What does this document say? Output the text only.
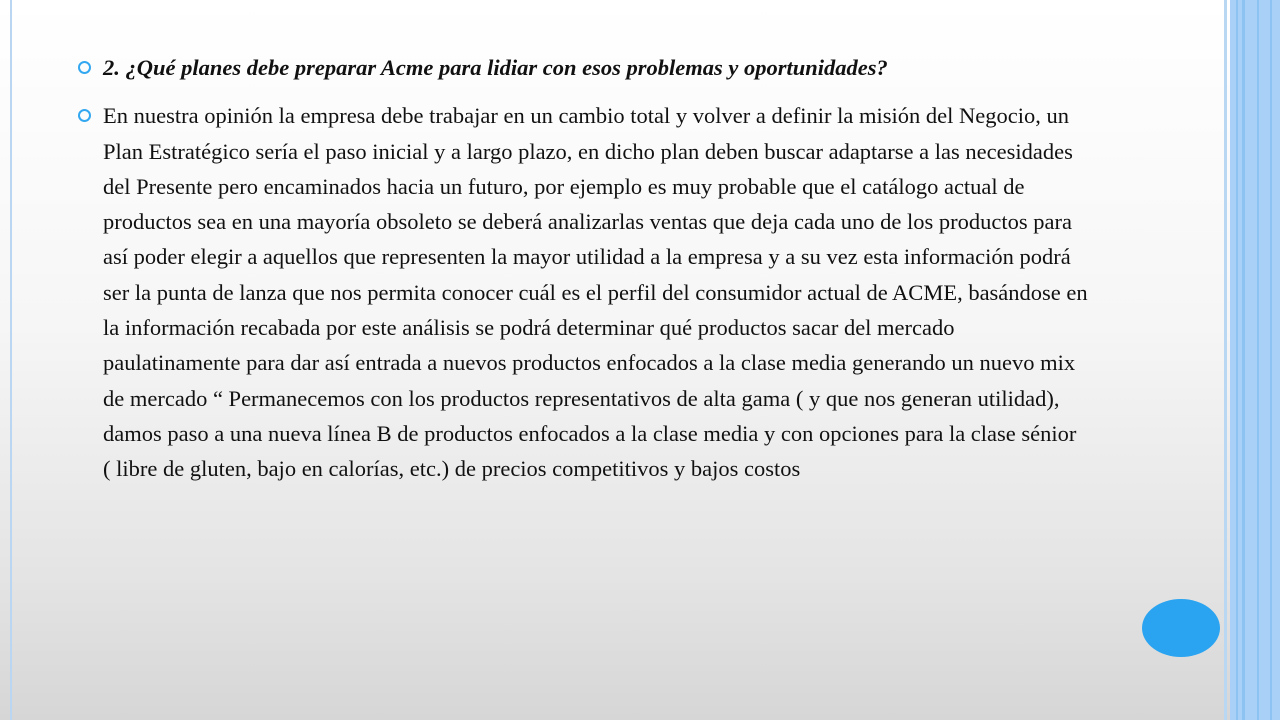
2. ¿Qué planes debe preparar Acme para lidiar con esos problemas y oportunidades?
En nuestra opinión la empresa debe trabajar en un cambio total y volver a definir la misión del Negocio, un Plan Estratégico sería el paso inicial y a largo plazo, en dicho plan deben buscar adaptarse a las necesidades del Presente pero encaminados hacia un futuro, por ejemplo es muy probable que el catálogo actual de productos sea en una mayoría obsoleto se deberá analizarlas ventas que deja cada uno de los productos para así poder elegir a aquellos que representen la mayor utilidad a la empresa y a su vez esta información podrá ser la punta de lanza que nos permita conocer cuál es el perfil del consumidor actual de ACME, basándose en la información recabada por este análisis se podrá determinar qué productos sacar del mercado paulatinamente para dar así entrada a nuevos productos enfocados a la clase media generando un nuevo mix de mercado “ Permanecemos con los productos representativos de alta gama ( y que nos generan utilidad), damos paso a una nueva línea B de productos enfocados a la clase media y con opciones para la clase sénior ( libre de gluten, bajo en calorías, etc.) de precios competitivos y bajos costos
